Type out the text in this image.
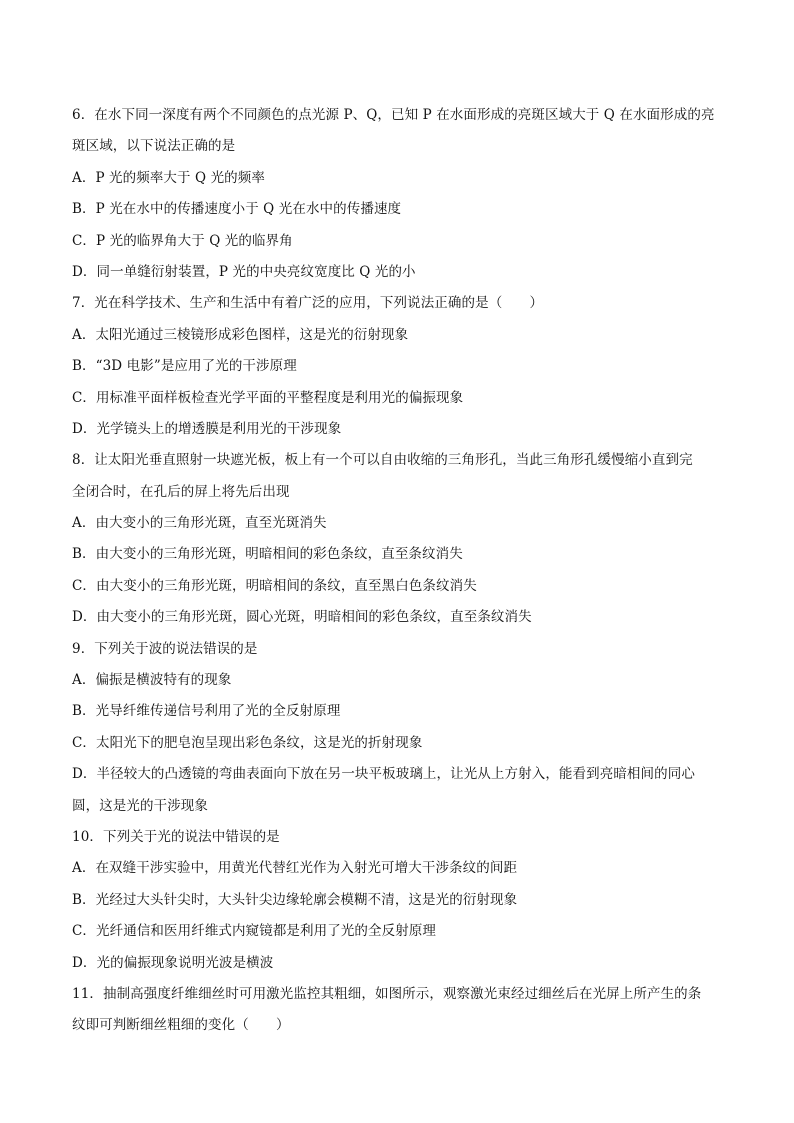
6．在水下同一深度有两个不同颜色的点光源 P、Q，已知 P 在水面形成的亮斑区域大于 Q 在水面形成的亮
斑区域，以下说法正确的是
A．P 光的频率大于 Q 光的频率
B．P 光在水中的传播速度小于 Q 光在水中的传播速度
C．P 光的临界角大于 Q 光的临界角
D．同一单缝衍射装置，P 光的中央亮纹宽度比 Q 光的小
7．光在科学技术、生产和生活中有着广泛的应用，下列说法正确的是（　　）
A．太阳光通过三棱镜形成彩色图样，这是光的衍射现象
B．“3D 电影”是应用了光的干涉原理
C．用标准平面样板检查光学平面的平整程度是利用光的偏振现象
D．光学镜头上的增透膜是利用光的干涉现象
8．让太阳光垂直照射一块遮光板，板上有一个可以自由收缩的三角形孔，当此三角形孔缓慢缩小直到完
全闭合时，在孔后的屏上将先后出现
A．由大变小的三角形光斑，直至光斑消失
B．由大变小的三角形光斑，明暗相间的彩色条纹，直至条纹消失
C．由大变小的三角形光斑，明暗相间的条纹，直至黑白色条纹消失
D．由大变小的三角形光斑，圆心光斑，明暗相间的彩色条纹，直至条纹消失
9．下列关于波的说法错误的是
A．偏振是横波特有的现象
B．光导纤维传递信号利用了光的全反射原理
C．太阳光下的肥皂泡呈现出彩色条纹，这是光的折射现象
D．半径较大的凸透镜的弯曲表面向下放在另一块平板玻璃上，让光从上方射入，能看到亮暗相间的同心
圆，这是光的干涉现象
10．下列关于光的说法中错误的是
A．在双缝干涉实验中，用黄光代替红光作为入射光可增大干涉条纹的间距
B．光经过大头针尖时，大头针尖边缘轮廓会模糊不清，这是光的衍射现象
C．光纤通信和医用纤维式内窥镜都是利用了光的全反射原理
D．光的偏振现象说明光波是横波
11．抽制高强度纤维细丝时可用激光监控其粗细，如图所示，观察激光束经过细丝后在光屏上所产生的条
纹即可判断细丝粗细的变化（　　）
